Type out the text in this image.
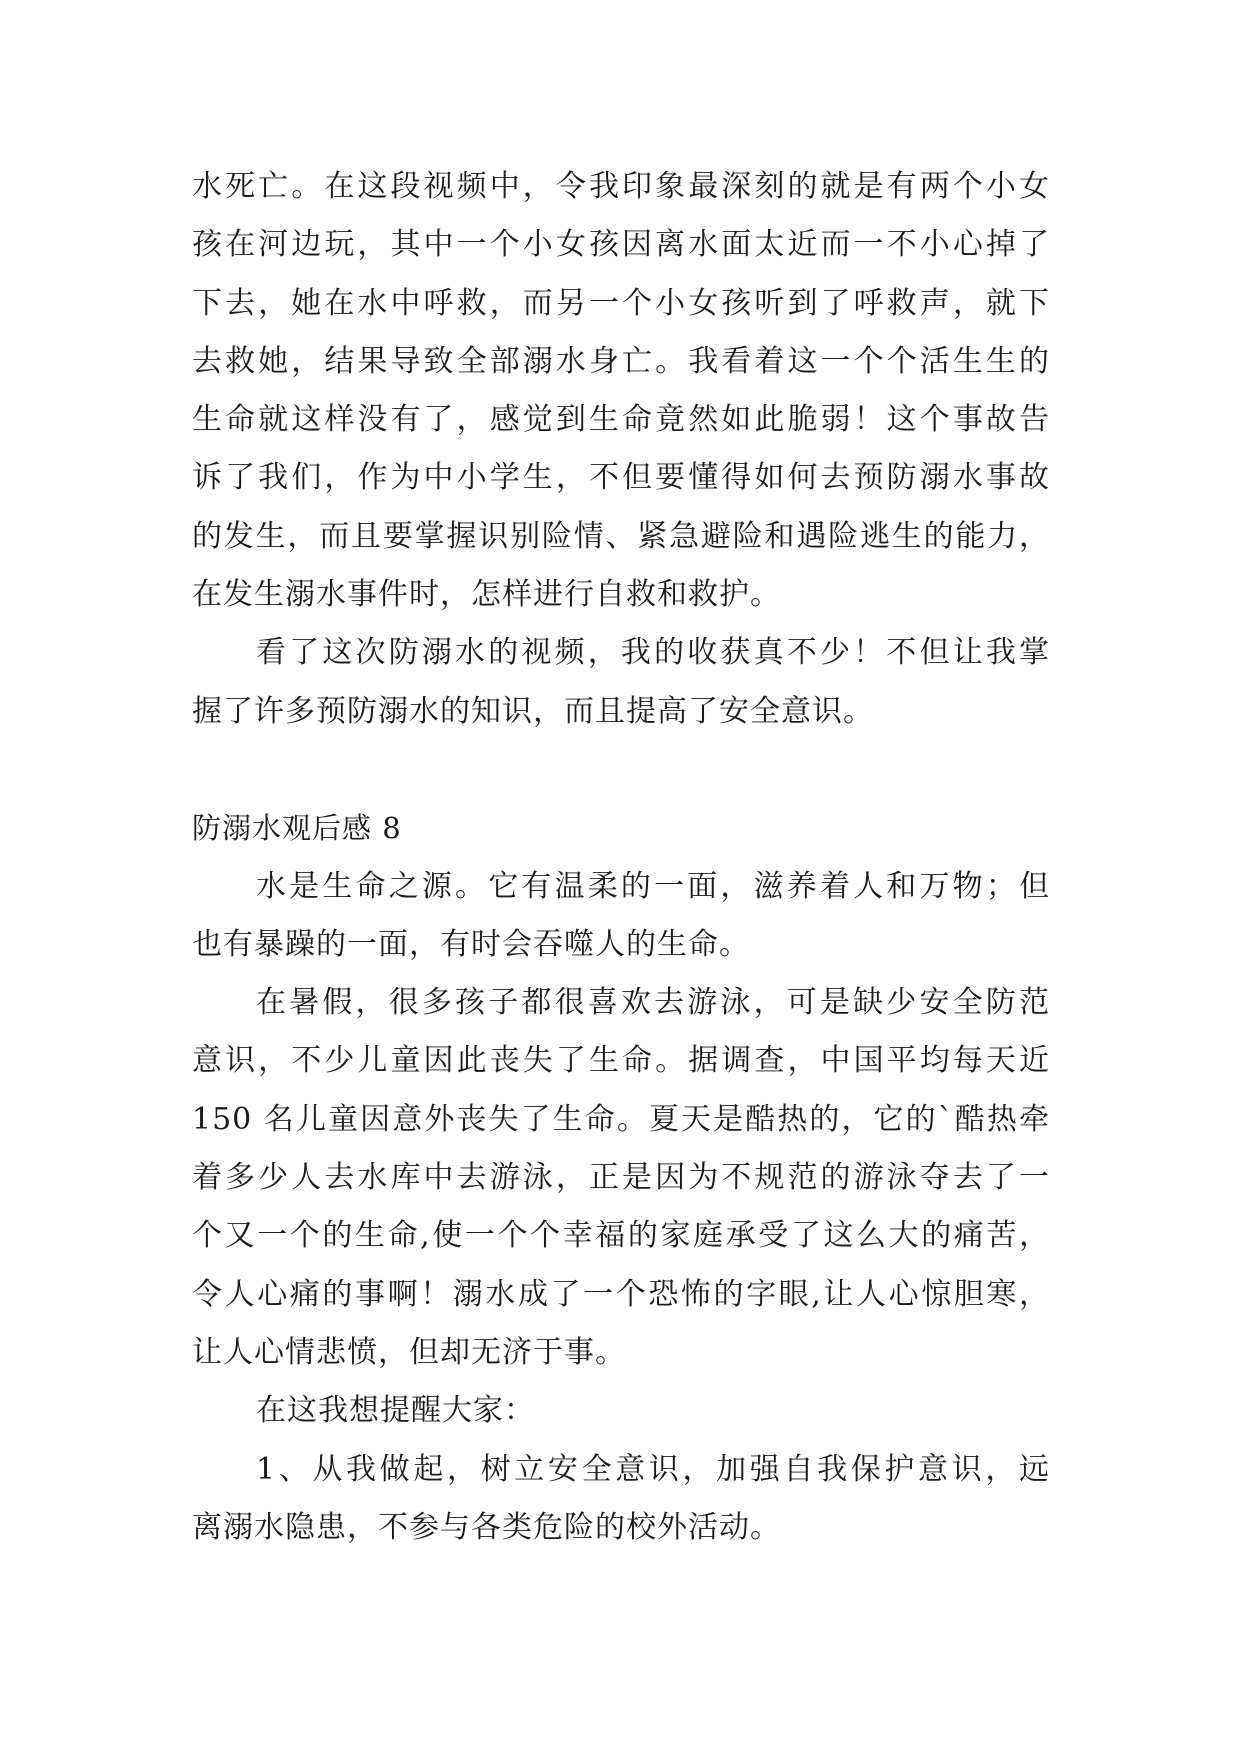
水死亡。在这段视频中，令我印象最深刻的就是有两个小女
孩在河边玩，其中一个小女孩因离水面太近而一不小心掉了
下去，她在水中呼救，而另一个小女孩听到了呼救声，就下
去救她，结果导致全部溺水身亡。我看着这一个个活生生的
生命就这样没有了，感觉到生命竟然如此脆弱！这个事故告
诉了我们，作为中小学生，不但要懂得如何去预防溺水事故
的发生，而且要掌握识别险情、紧急避险和遇险逃生的能力，
在发生溺水事件时，怎样进行自救和救护。
看了这次防溺水的视频，我的收获真不少！不但让我掌
握了许多预防溺水的知识，而且提高了安全意识。
防溺水观后感 8
水是生命之源。它有温柔的一面，滋养着人和万物；但
也有暴躁的一面，有时会吞噬人的生命。
在暑假，很多孩子都很喜欢去游泳，可是缺少安全防范
意识，不少儿童因此丧失了生命。据调查，中国平均每天近
150 名儿童因意外丧失了生命。夏天是酷热的，它的`酷热牵
着多少人去水库中去游泳，正是因为不规范的游泳夺去了一
个又一个的生命,使一个个幸福的家庭承受了这么大的痛苦，
令人心痛的事啊！溺水成了一个恐怖的字眼,让人心惊胆寒，
让人心情悲愤，但却无济于事。
在这我想提醒大家：
1、从我做起，树立安全意识，加强自我保护意识，远
离溺水隐患，不参与各类危险的校外活动。
